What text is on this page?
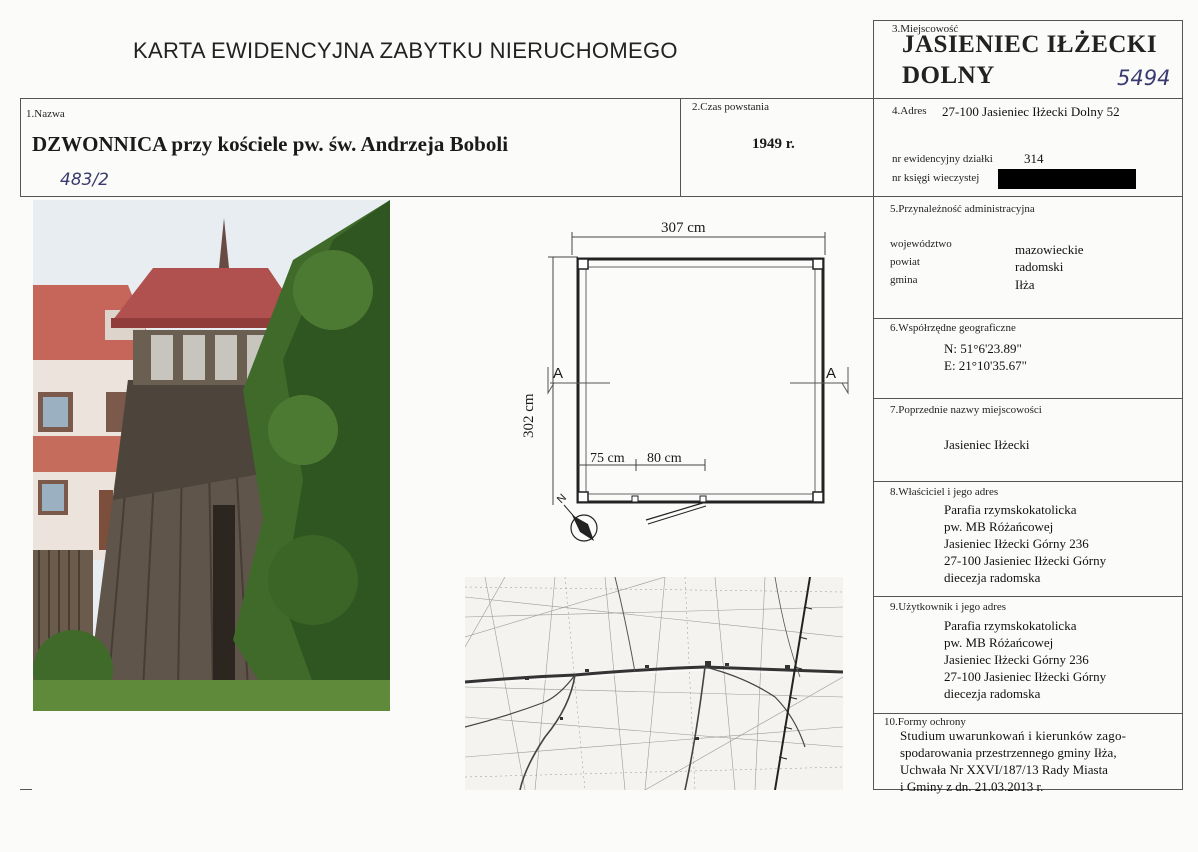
KARTA EWIDENCYJNA ZABYTKU NIERUCHOMEGO
3.Miejscowość
JASIENIEC IŁŻECKI
DOLNY	5494
1.Nazwa
DZWONNICA przy kościele pw. św. Andrzeja Boboli
483/2
2.Czas powstania
1949 r.
4.Adres 27-100 Jasieniec Iłżecki Dolny 52
nr ewidencyjny działki 314
nr księgi wieczystej
5.Przynależność administracyjna
województwo	mazowieckie
powiat	radomski
gmina	Iłża
6.Współrzędne geograficzne
N: 51°6'23.89"
E: 21°10'35.67"
7.Poprzednie nazwy miejscowości
Jasieniec Iłżecki
8.Właściciel i jego adres
Parafia rzymskokatolicka
pw. MB Różańcowej
Jasieniec Iłżecki Górny 236
27-100 Jasieniec Iłżecki Górny
diecezja radomska
9.Użytkownik i jego adres
Parafia rzymskokatolicka
pw. MB Różańcowej
Jasieniec Iłżecki Górny 236
27-100 Jasieniec Iłżecki Górny
diecezja radomska
10.Formy ochrony
Studium uwarunkowań i kierunków zago-
spodarowania przestrzennego gminy Iłża,
Uchwała Nr XXVI/187/13 Rady Miasta
i Gminy z dn. 21.03.2013 r.
307 cm
302 cm
75 cm 80 cm
A	A
N
